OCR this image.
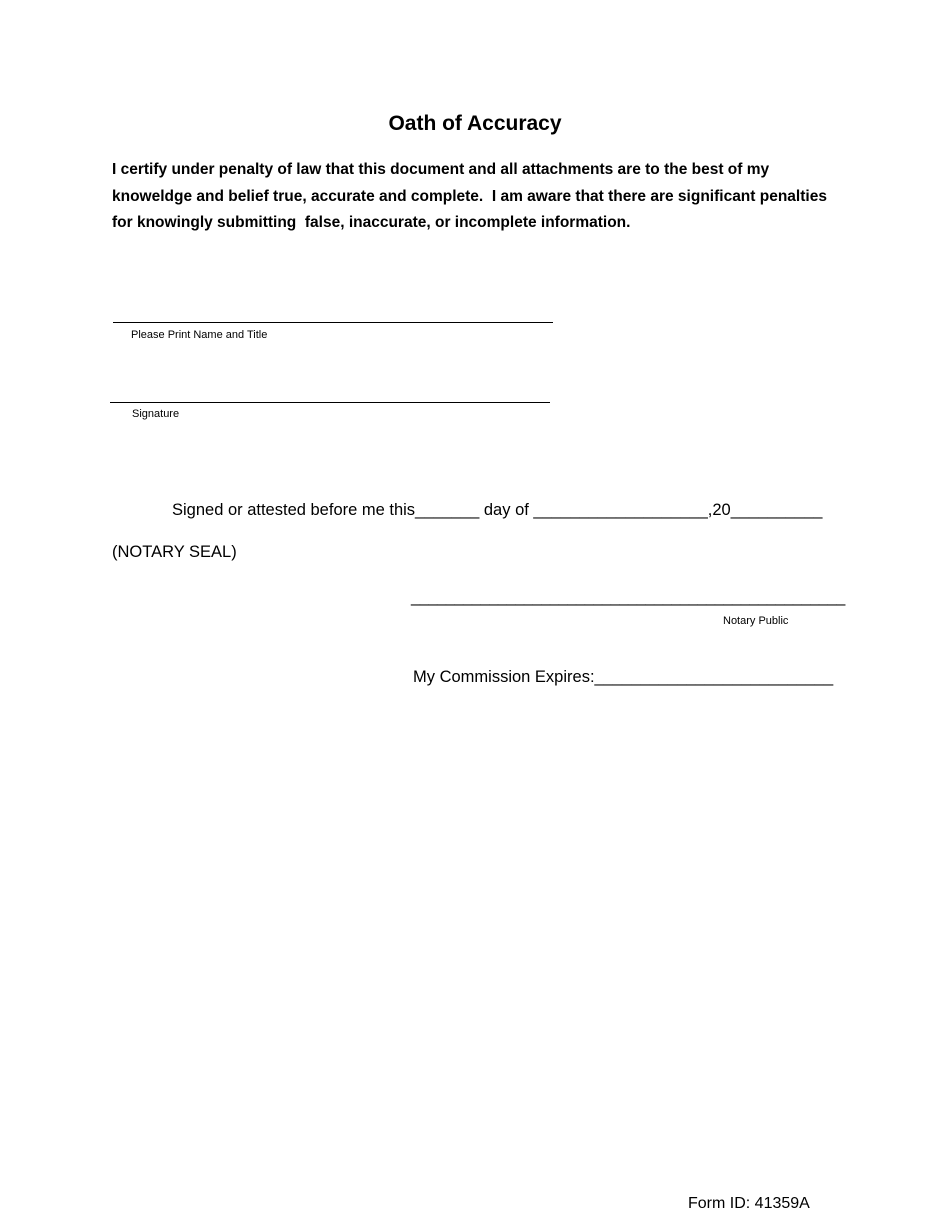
Oath of Accuracy
I certify under penalty of law that this document and all attachments are to the best of my knoweldge and belief true, accurate and complete.  I am aware that there are significant penalties for knowingly submitting  false, inaccurate, or incomplete information.
Please Print Name and Title
Signature
Signed or attested before me this_______ day of ___________________,20__________
(NOTARY SEAL)
__________________________________________________
Notary Public
My Commission Expires:__________________________
Form ID: 41359A
